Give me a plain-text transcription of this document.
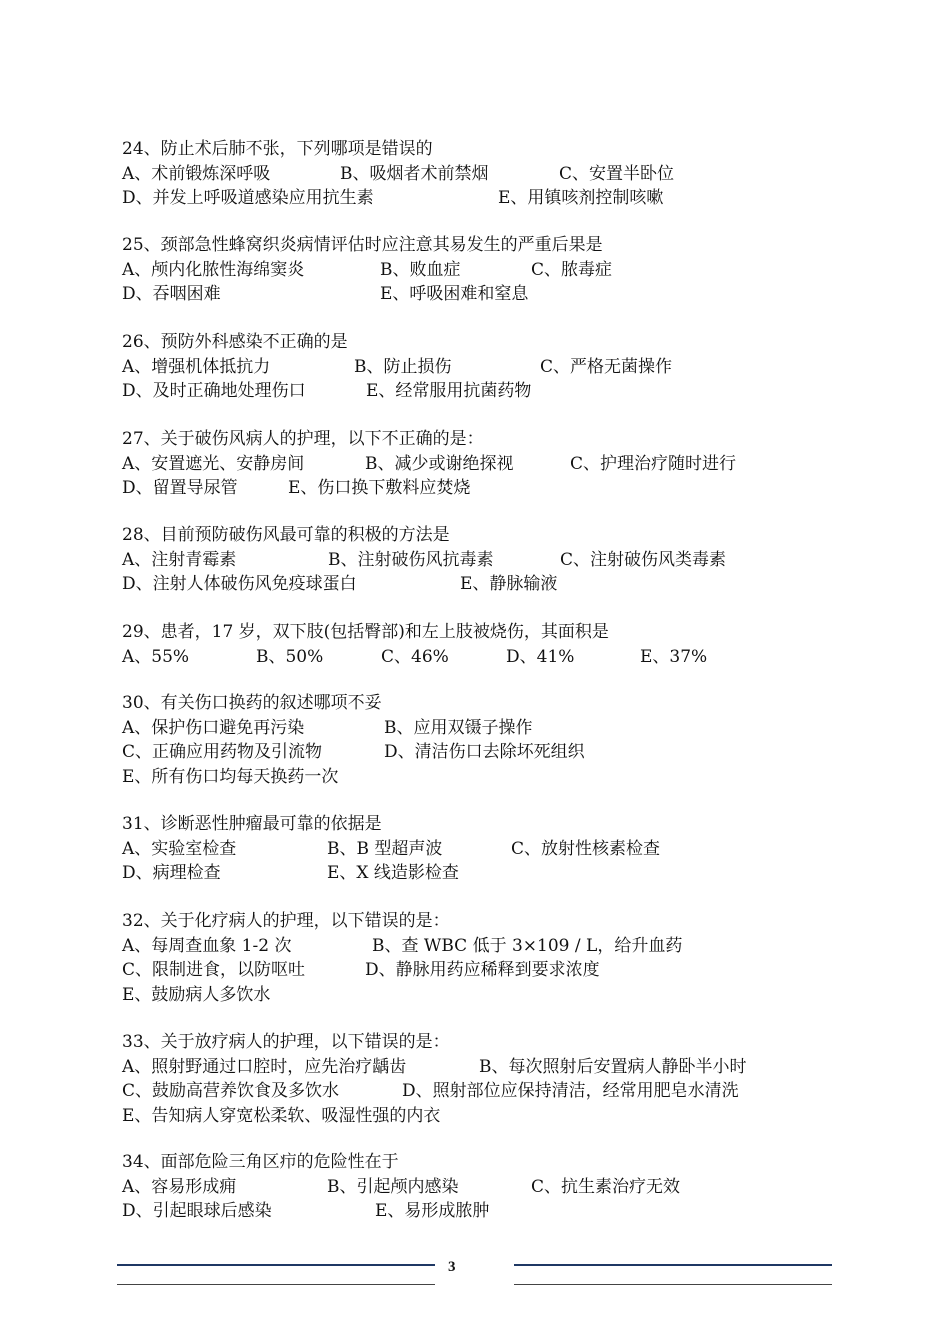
24、防止术后肺不张，下列哪项是错误的
A、术前锻炼深呼吸	B、吸烟者术前禁烟	C、安置半卧位
D、并发上呼吸道感染应用抗生素	E、用镇咳剂控制咳嗽
25、颈部急性蜂窝织炎病情评估时应注意其易发生的严重后果是
A、颅内化脓性海绵窦炎	B、败血症	C、脓毒症
D、吞咽困难	E、呼吸困难和窒息
26、预防外科感染不正确的是
A、增强机体抵抗力	B、防止损伤	C、严格无菌操作
D、及时正确地处理伤口	E、经常服用抗菌药物
27、关于破伤风病人的护理，以下不正确的是：
A、安置遮光、安静房间	B、减少或谢绝探视	C、护理治疗随时进行
D、留置导尿管	E、伤口换下敷料应焚烧
28、目前预防破伤风最可靠的积极的方法是
A、注射青霉素	B、注射破伤风抗毒素	C、注射破伤风类毒素
D、注射人体破伤风免疫球蛋白	E、静脉输液
29、患者，17 岁，双下肢(包括臀部)和左上肢被烧伤，其面积是
A、55%	B、50%	C、46%	D、41%	E、37%
30、有关伤口换药的叙述哪项不妥
A、保护伤口避免再污染	B、应用双镊子操作
C、正确应用药物及引流物	D、清洁伤口去除坏死组织
E、所有伤口均每天换药一次
31、诊断恶性肿瘤最可靠的依据是
A、实验室检查	B、B 型超声波	C、放射性核素检查
D、病理检查	E、X 线造影检查
32、关于化疗病人的护理，以下错误的是：
A、每周查血象 1-2 次	B、查 WBC 低于 3×109 / L，给升血药
C、限制进食，以防呕吐	D、静脉用药应稀释到要求浓度
E、鼓励病人多饮水
33、关于放疗病人的护理，以下错误的是：
A、照射野通过口腔时，应先治疗龋齿	B、每次照射后安置病人静卧半小时
C、鼓励高营养饮食及多饮水	D、照射部位应保持清洁，经常用肥皂水清洗
E、告知病人穿宽松柔软、吸湿性强的内衣
34、面部危险三角区疖的危险性在于
A、容易形成痈	B、引起颅内感染	C、抗生素治疗无效
D、引起眼球后感染	E、易形成脓肿
3
